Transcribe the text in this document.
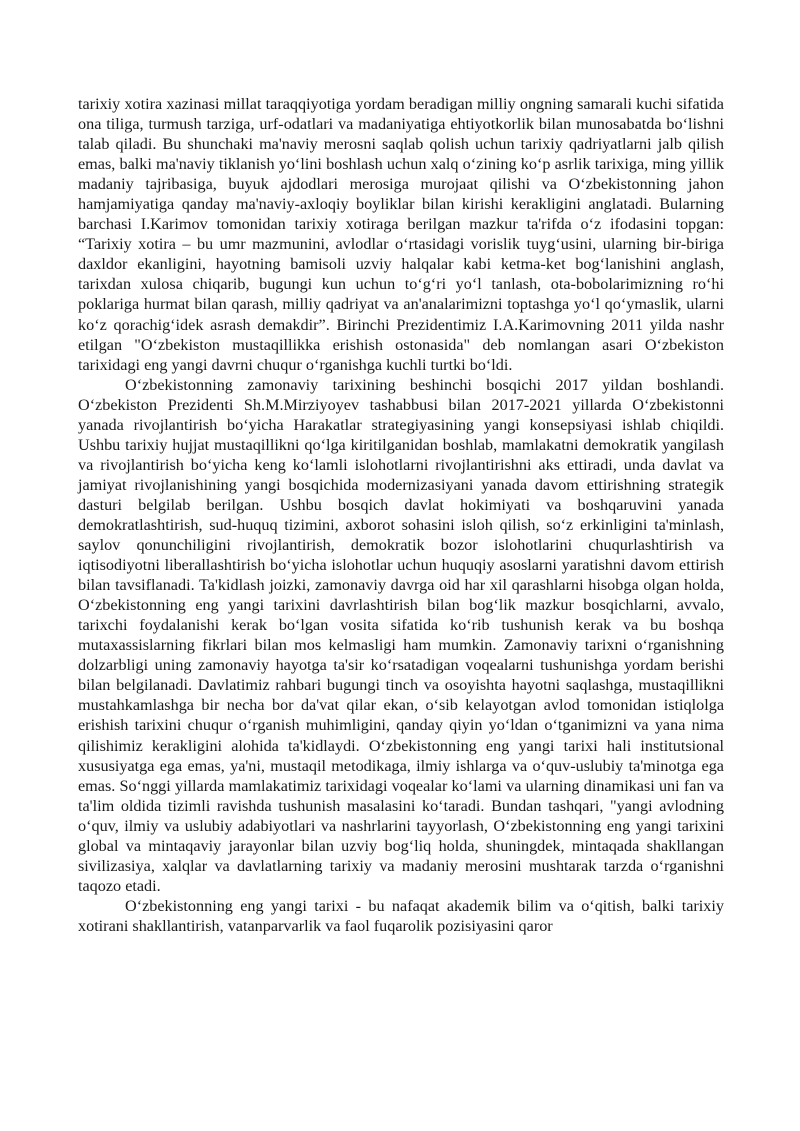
tarixiy xotira xazinasi millat taraqqiyotiga yordam beradigan milliy ongning samarali kuchi sifatida ona tiliga, turmush tarziga, urf-odatlari va madaniyatiga ehtiyotkorlik bilan munosabatda bo‘lishni talab qiladi. Bu shunchaki ma'naviy merosni saqlab qolish uchun tarixiy qadriyatlarni jalb qilish emas, balki ma'naviy tiklanish yo‘lini boshlash uchun xalq o‘zining ko‘p asrlik tarixiga, ming yillik madaniy tajribasiga, buyuk ajdodlari merosiga murojaat qilishi va O‘zbekistonning jahon hamjamiyatiga qanday ma'naviy-axloqiy boyliklar bilan kirishi kerakligini anglatadi. Bularning barchasi I.Karimov tomonidan tarixiy xotiraga berilgan mazkur ta'rifda o‘z ifodasini topgan: “Tarixiy xotira – bu umr mazmunini, avlodlar o‘rtasidagi vorislik tuyg‘usini, ularning bir-biriga daxldor ekanligini, hayotning bamisoli uzviy halqalar kabi ketma-ket bog‘lanishini anglash, tarixdan xulosa chiqarib, bugungi kun uchun to‘g‘ri yo‘l tanlash, ota-bobolarimizning ro‘hi poklariga hurmat bilan qarash, milliy qadriyat va an'analarimizni toptashga yo‘l qo‘ymaslik, ularni ko‘z qorachig‘idek asrash demakdir”. Birinchi Prezidentimiz I.A.Karimovning 2011 yilda nashr etilgan "O‘zbekiston mustaqillikka erishish ostonasida" deb nomlangan asari O‘zbekiston tarixidagi eng yangi davrni chuqur o‘rganishga kuchli turtki bo‘ldi.

O‘zbekistonning zamonaviy tarixining beshinchi bosqichi 2017 yildan boshlandi. O‘zbekiston Prezidenti Sh.M.Mirziyoyev tashabbusi bilan 2017-2021 yillarda O‘zbekistonni yanada rivojlantirish bo‘yicha Harakatlar strategiyasining yangi konsepsiyasi ishlab chiqildi. Ushbu tarixiy hujjat mustaqillikni qo‘lga kiritilganidan boshlab, mamlakatni demokratik yangilash va rivojlantirish bo‘yicha keng ko‘lamli islohotlarni rivojlantirishni aks ettiradi, unda davlat va jamiyat rivojlanishining yangi bosqichida modernizasiyani yanada davom ettirishning strategik dasturi belgilab berilgan. Ushbu bosqich davlat hokimiyati va boshqaruvini yanada demokratlashtirish, sud-huquq tizimini, axborot sohasini isloh qilish, so‘z erkinligini ta'minlash, saylov qonunchiligini rivojlantirish, demokratik bozor islohotlarini chuqurlashtirish va iqtisodiyotni liberallashtirish bo‘yicha islohotlar uchun huquqiy asoslarni yaratishni davom ettirish bilan tavsiflanadi. Ta'kidlash joizki, zamonaviy davrga oid har xil qarashlarni hisobga olgan holda, O‘zbekistonning eng yangi tarixini davrlashtirish bilan bog‘lik mazkur bosqichlarni, avvalo, tarixchi foydalanishi kerak bo‘lgan vosita sifatida ko‘rib tushunish kerak va bu boshqa mutaxassislarning fikrlari bilan mos kelmasligi ham mumkin. Zamonaviy tarixni o‘rganishning dolzarbligi uning zamonaviy hayotga ta'sir ko‘rsatadigan voqealarni tushunishga yordam berishi bilan belgilanadi. Davlatimiz rahbari bugungi tinch va osoyishta hayotni saqlashga, mustaqillikni mustahkamlashga bir necha bor da'vat qilar ekan, o‘sib kelayotgan avlod tomonidan istiqlolga erishish tarixini chuqur o‘rganish muhimligini, qanday qiyin yo‘ldan o‘tganimizni va yana nima qilishimiz kerakligini alohida ta'kidlaydi. O‘zbekistonning eng yangi tarixi hali institutsional xususiyatga ega emas, ya'ni, mustaqil metodikaga, ilmiy ishlarga va o‘quv-uslubiy ta'minotga ega emas. So‘nggi yillarda mamlakatimiz tarixidagi voqealar ko‘lami va ularning dinamikasi uni fan va ta'lim oldida tizimli ravishda tushunish masalasini ko‘taradi. Bundan tashqari, "yangi avlodning o‘quv, ilmiy va uslubiy adabiyotlari va nashrlarini tayyorlash, O‘zbekistonning eng yangi tarixini global va mintaqaviy jarayonlar bilan uzviy bog‘liq holda, shuningdek, mintaqada shakllangan sivilizasiya, xalqlar va davlatlarning tarixiy va madaniy merosini mushtarak tarzda o‘rganishni taqozo etadi.

O‘zbekistonning eng yangi tarixi - bu nafaqat akademik bilim va o‘qitish, balki tarixiy xotirani shakllantirish, vatanparvarlik va faol fuqarolik pozisiyasini qaror
